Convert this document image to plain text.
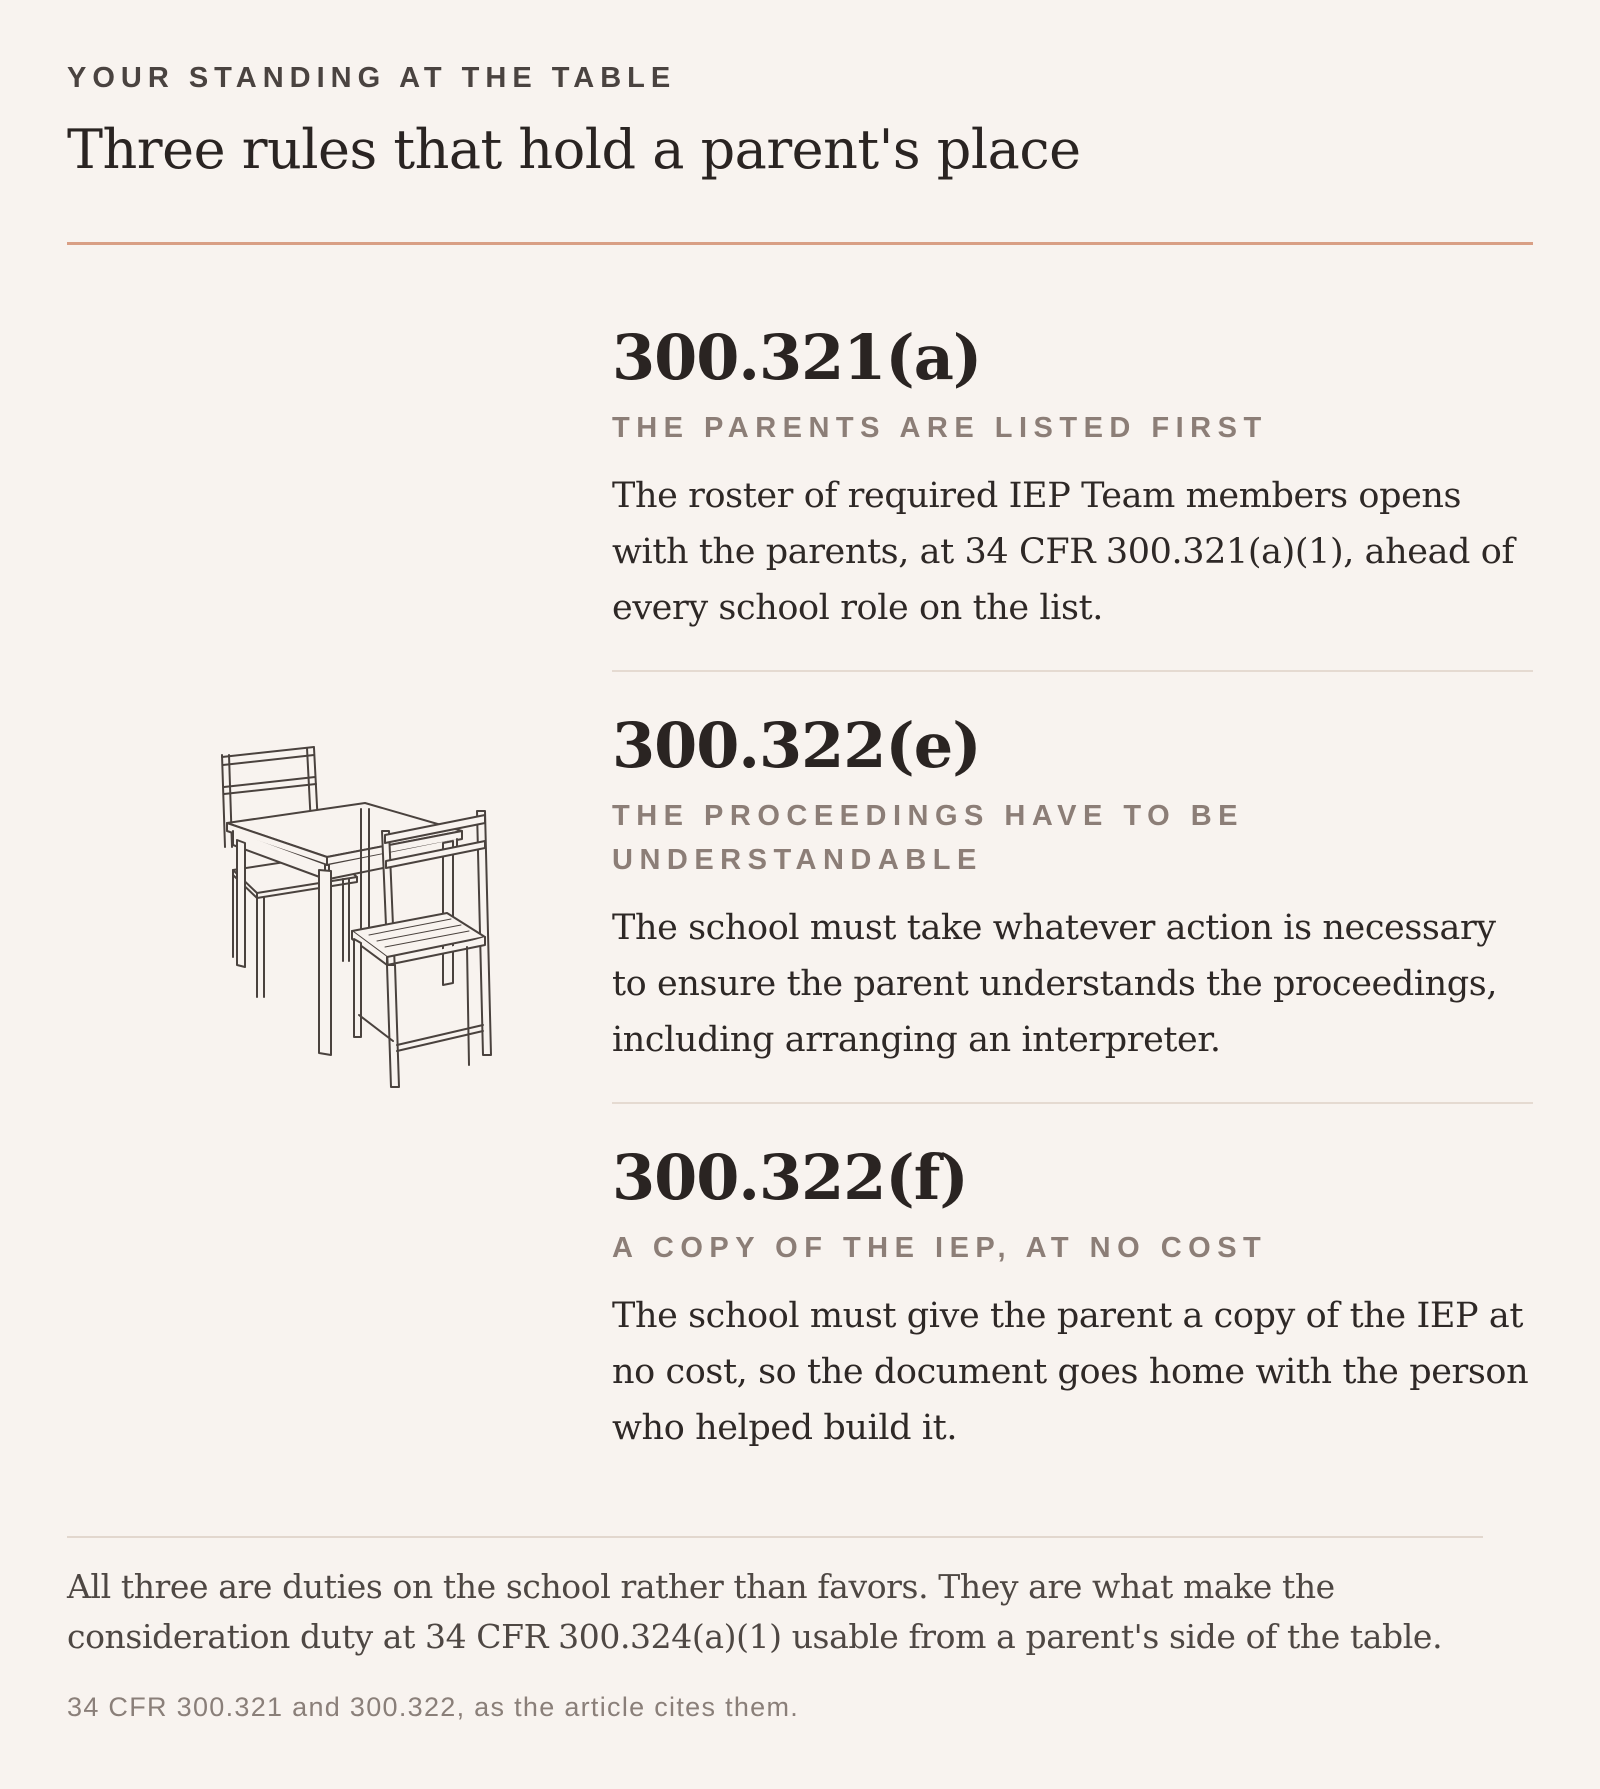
YOUR STANDING AT THE TABLE
Three rules that hold a parent's place
300.321(a)
THE PARENTS ARE LISTED FIRST
The roster of required IEP Team members opens with the parents, at 34 CFR 300.321(a)(1), ahead of every school role on the list.
300.322(e)
THE PROCEEDINGS HAVE TO BE UNDERSTANDABLE
The school must take whatever action is necessary to ensure the parent understands the proceedings, including arranging an interpreter.
300.322(f)
A COPY OF THE IEP, AT NO COST
The school must give the parent a copy of the IEP at no cost, so the document goes home with the person who helped build it.
All three are duties on the school rather than favors. They are what make the consideration duty at 34 CFR 300.324(a)(1) usable from a parent's side of the table.
34 CFR 300.321 and 300.322, as the article cites them.
